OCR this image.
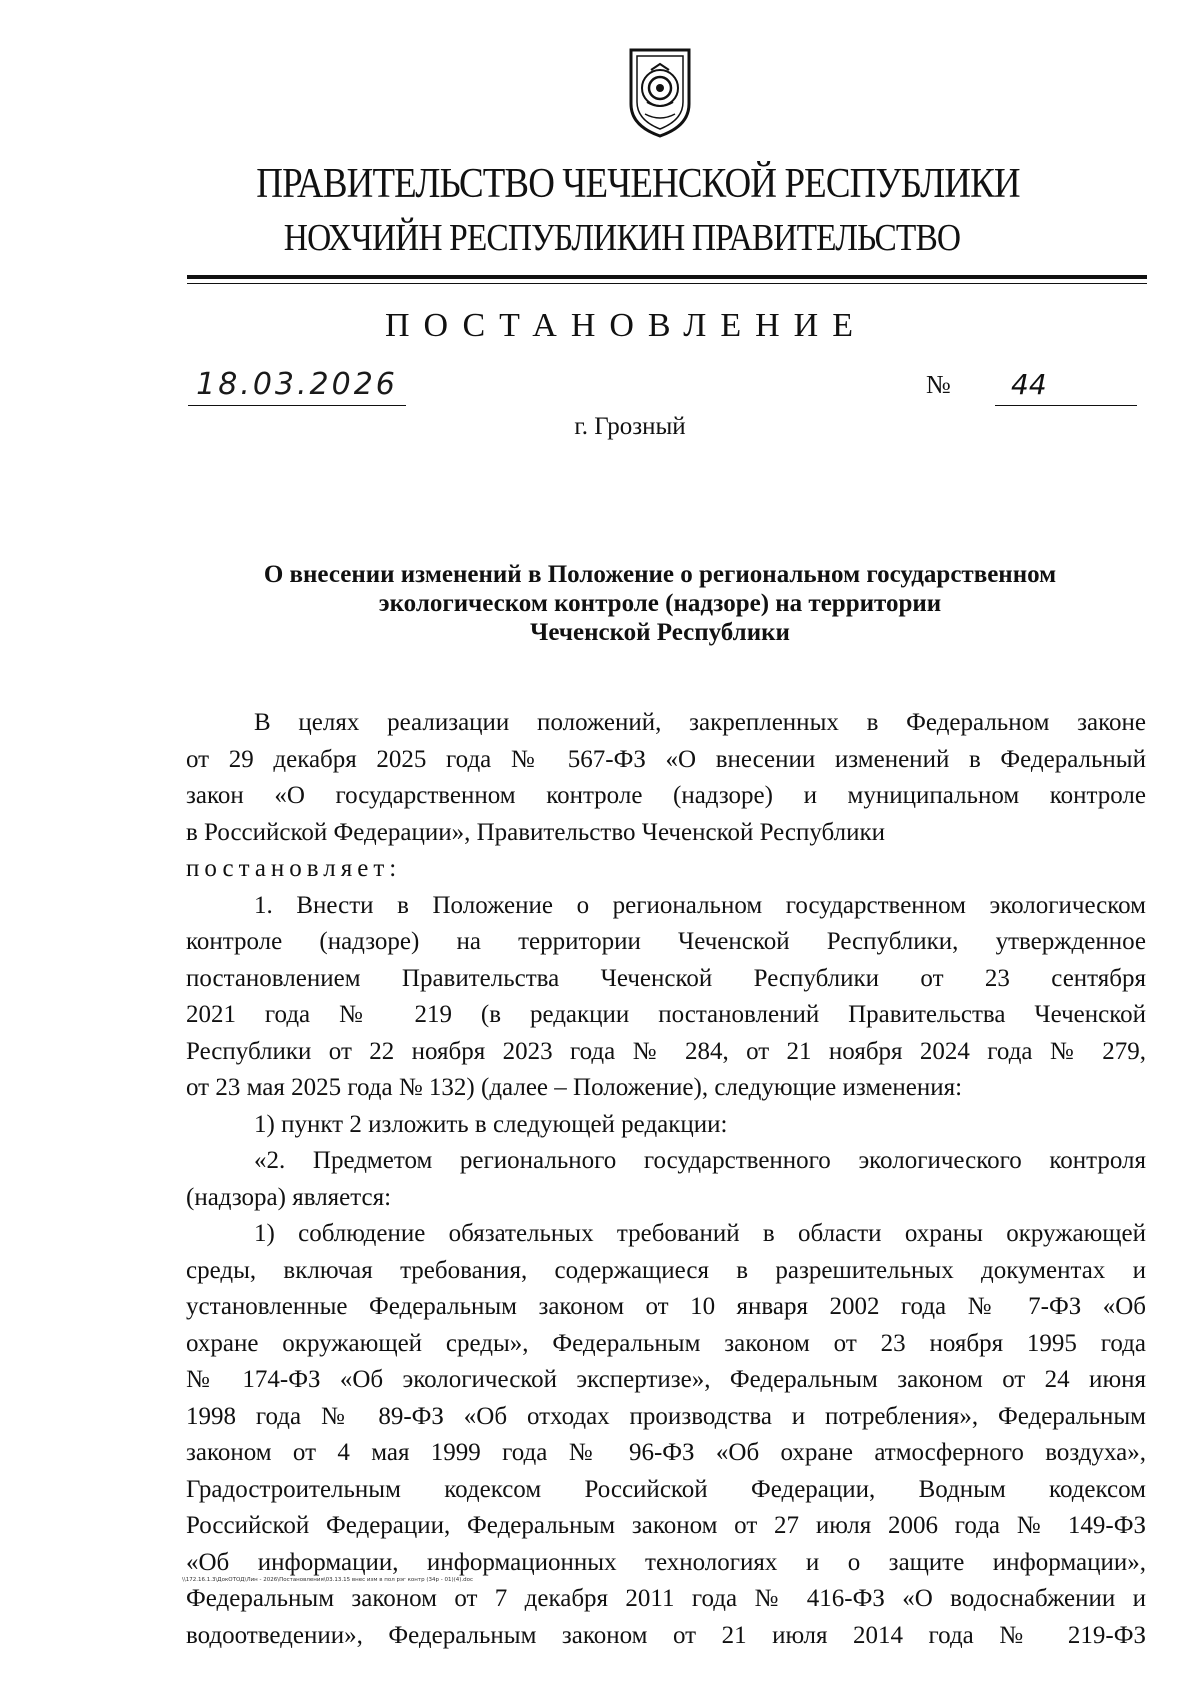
ПРАВИТЕЛЬСТВО ЧЕЧЕНСКОЙ РЕСПУБЛИКИ
НОХЧИЙН РЕСПУБЛИКИН ПРАВИТЕЛЬСТВО
ПОСТАНОВЛЕНИЕ
18.03.2026	№	44
г. Грозный
О внесении изменений в Положение о региональном государственном
экологическом контроле (надзоре) на территории
Чеченской Республики
В целях реализации положений, закрепленных в Федеральном законе
от 29 декабря 2025 года № 567-ФЗ «О внесении изменений в Федеральный
закон «О государственном контроле (надзоре) и муниципальном контроле
в Российской Федерации», Правительство Чеченской Республики
постановляет:
1. Внести в Положение о региональном государственном экологическом
контроле (надзоре) на территории Чеченской Республики, утвержденное
постановлением Правительства Чеченской Республики от 23 сентября
2021 года № 219 (в редакции постановлений Правительства Чеченской
Республики от 22 ноября 2023 года № 284, от 21 ноября 2024 года № 279,
от 23 мая 2025 года № 132) (далее – Положение), следующие изменения:
1) пункт 2 изложить в следующей редакции:
«2. Предметом регионального государственного экологического контроля
(надзора) является:
1) соблюдение обязательных требований в области охраны окружающей
среды, включая требования, содержащиеся в разрешительных документах и
установленные Федеральным законом от 10 января 2002 года № 7-ФЗ «Об
охране окружающей среды», Федеральным законом от 23 ноября 1995 года
№ 174-ФЗ «Об экологической экспертизе», Федеральным законом от 24 июня
1998 года № 89-ФЗ «Об отходах производства и потребления», Федеральным
законом от 4 мая 1999 года № 96-ФЗ «Об охране атмосферного воздуха»,
Градостроительным кодексом Российской Федерации, Водным кодексом
Российской Федерации, Федеральным законом от 27 июля 2006 года № 149-ФЗ
«Об информации, информационных технологиях и о защите информации»,
Федеральным законом от 7 декабря 2011 года № 416-ФЗ «О водоснабжении и
водоотведении», Федеральным законом от 21 июля 2014 года № 219-ФЗ
\\172.16.1.3\ДокОТОД\Лин - 2026\Постановления\03.13.15 внес изм в пол рэг контр (34р - 01)(4).doc
